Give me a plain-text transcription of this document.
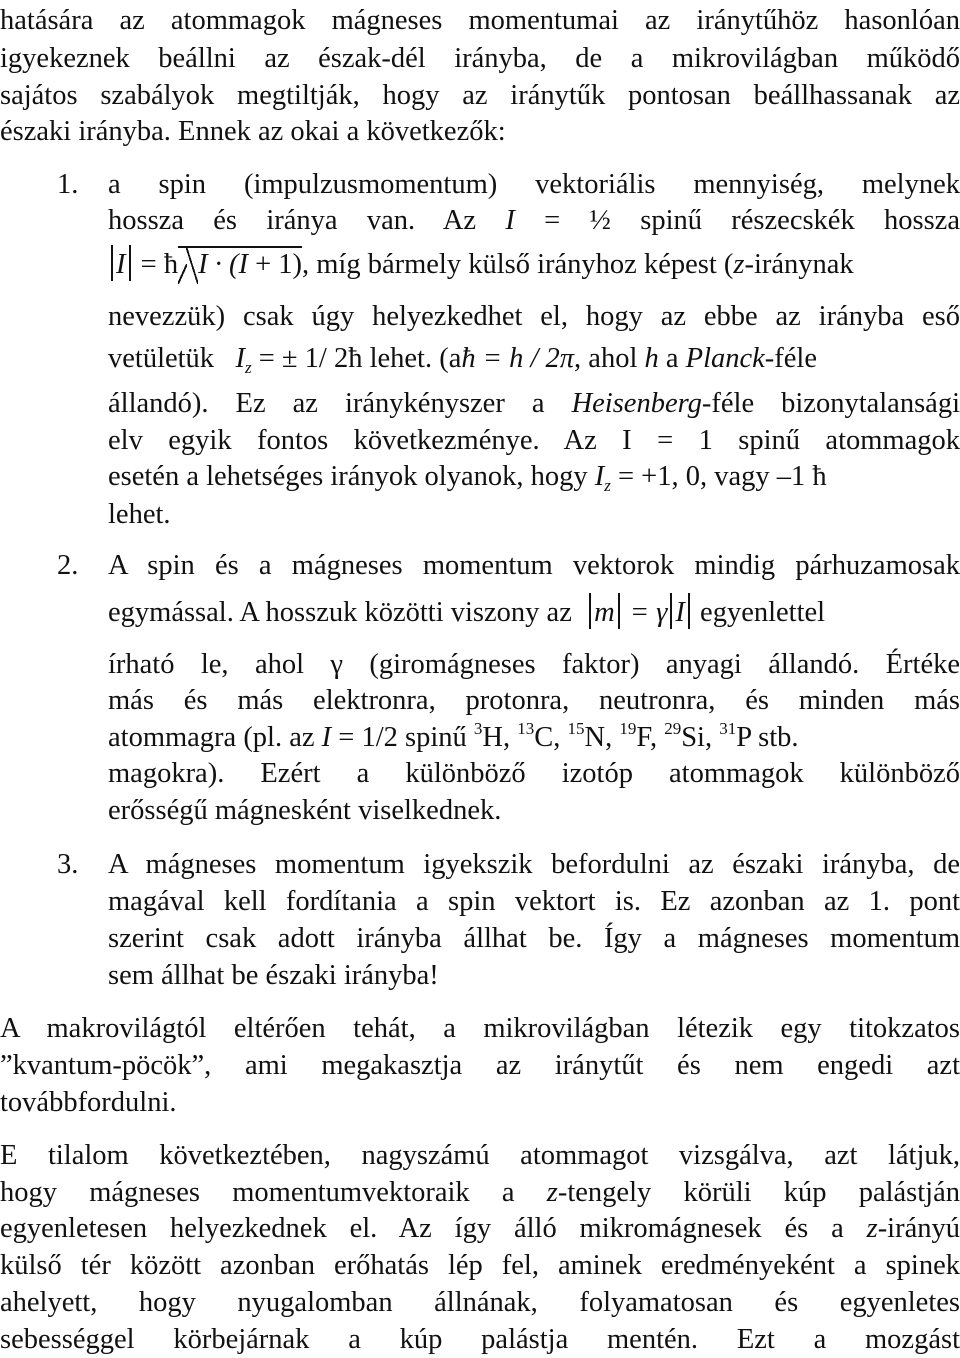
hatására az atommagok mágneses momentumai az iránytűhöz hasonlóan
igyekeznek beállni az észak-dél irányba, de a mikrovilágban működő
sajátos szabályok megtiltják, hogy az iránytűk pontosan beállhassanak az
északi irányba. Ennek az okai a következők:
1. a spin (impulzusmomentum) vektoriális mennyiség, melynek
hossza és iránya van. Az I = ½ spinű részecskék hossza
I = ħ I · (I + 1), míg bármely külső irányhoz képest (z-iránynak
nevezzük) csak úgy helyezkedhet el, hogy az ebbe az irányba eső
vetületük $I_z$ = ± 1/ 2ħ lehet. (aħ = h / 2π, ahol h a Planck-féle
állandó). Ez az iránykényszer a Heisenberg-féle bizonytalansági
elv egyik fontos következménye. Az I = 1 spinű atommagok
esetén a lehetséges irányok olyanok, hogy $I_z = +1$, 0, vagy –1 ħ
lehet.
2. A spin és a mágneses momentum vektorok mindig párhuzamosak
egymással. A hosszuk közötti viszony az m = γ I egyenlettel
írható le, ahol γ (giromágneses faktor) anyagi állandó. Értéke
más és más elektronra, protonra, neutronra, és minden más
atommagra (pl. az I = 1/2 spinű $^3$H, $^{13}$C, $^{15}$N, $^{19}$F, $^{29}$Si, $^{31}$P stb.
magokra). Ezért a különböző izotóp atommagok különböző
erősségű mágnesként viselkednek.
3. A mágneses momentum igyekszik befordulni az északi irányba, de
magával kell fordítania a spin vektort is. Ez azonban az 1. pont
szerint csak adott irányba állhat be. Így a mágneses momentum
sem állhat be északi irányba!
A makrovilágtól eltérően tehát, a mikrovilágban létezik egy titokzatos
”kvantum-pöcök”, ami megakasztja az iránytűt és nem engedi azt
továbbfordulni.
E tilalom következtében, nagyszámú atommagot vizsgálva, azt látjuk,
hogy mágneses momentumvektoraik a z-tengely körüli kúp palástján
egyenletesen helyezkednek el. Az így álló mikromágnesek és a z-irányú
külső tér között azonban erőhatás lép fel, aminek eredményeként a spinek
ahelyett, hogy nyugalomban állnának, folyamatosan és egyenletes
sebességgel körbejárnak a kúp palástja mentén. Ezt a mozgást
